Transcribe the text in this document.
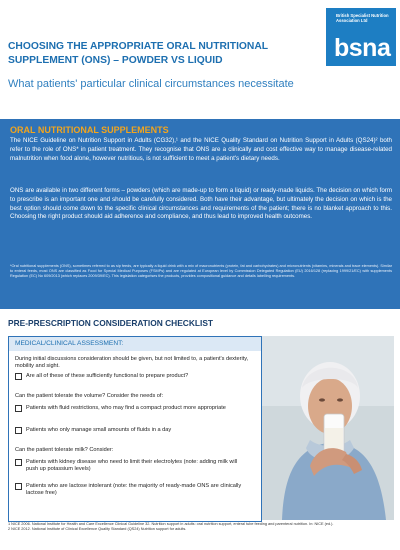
British Specialist Nutrition Association Ltd
bsna
CHOOSING THE APPROPRIATE ORAL NUTRITIONAL SUPPLEMENT (ONS) – POWDER VS LIQUID
What patients' particular clinical circumstances necessitate
ORAL NUTRITIONAL SUPPLEMENTS
The NICE Guideline on Nutrition Support in Adults (CG32),¹ and the NICE Quality Standard on Nutrition Support in Adults (QS24)² both refer to the role of ONS* in patient treatment. They recognise that ONS are a clinically and cost effective way to manage disease-related malnutrition when food alone, however nutritious, is not sufficient to meet a patient's dietary needs.
ONS are available in two different forms – powders (which are made-up to form a liquid) or ready-made liquids. The decision on which form to prescribe is an important one and should be carefully considered. Both have their advantage, but ultimately the decision on which is the best option should come down to the specific clinical circumstances and requirements of the patient; there is no blanket approach to this. Choosing the right product should aid adherence and compliance, and thus lead to improved health outcomes.
*Oral nutritional supplements (ONS), sometimes referred to as sip feeds, are typically a liquid drink with a mix of macronutrients (protein, fat and carbohydrates) and micronutrients (vitamins, minerals and trace elements). Similar to enteral feeds, most ONS are classified as Food for Special Medical Purposes (FSMPs) and are regulated at European level by Commission Delegated Regulation (EU) 2016/128 (replacing 1999/21/EC) with supplements Regulation (EC) No 609/2013 (which replaces 2009/39/EC). This legislation categorises the products, provides compositional guidance and details labelling requirements.
PRE-PRESCRIPTION CONSIDERATION CHECKLIST
MEDICAL/CLINICAL ASSESSMENT:
During initial discussions consideration should be given, but not limited to, a patient's dexterity, mobility and sight.
Are all of these of these sufficiently functional to prepare product?
Can the patient tolerate the volume? Consider the needs of:
Patients with fluid restrictions, who may find a compact product more appropriate
Patients who only manage small amounts of fluids in a day
Can the patient tolerate milk? Consider:
Patients with kidney disease who need to limit their electrolytes (note: adding milk will push up potassium levels)
Patients who are lactose intolerant (note: the majority of ready-made ONS are clinically lactose free)
1 NICE 2006. National Institute for Health and Care Excellence Clinical Guideline 32. Nutrition support in adults: oral nutrition support, enteral tube feeding and parenteral nutrition. In: NICE (ed.).
2 NICE 2012. National Institute of Clinical Excellence Quality Standard (QS24) Nutrition support for adults.
